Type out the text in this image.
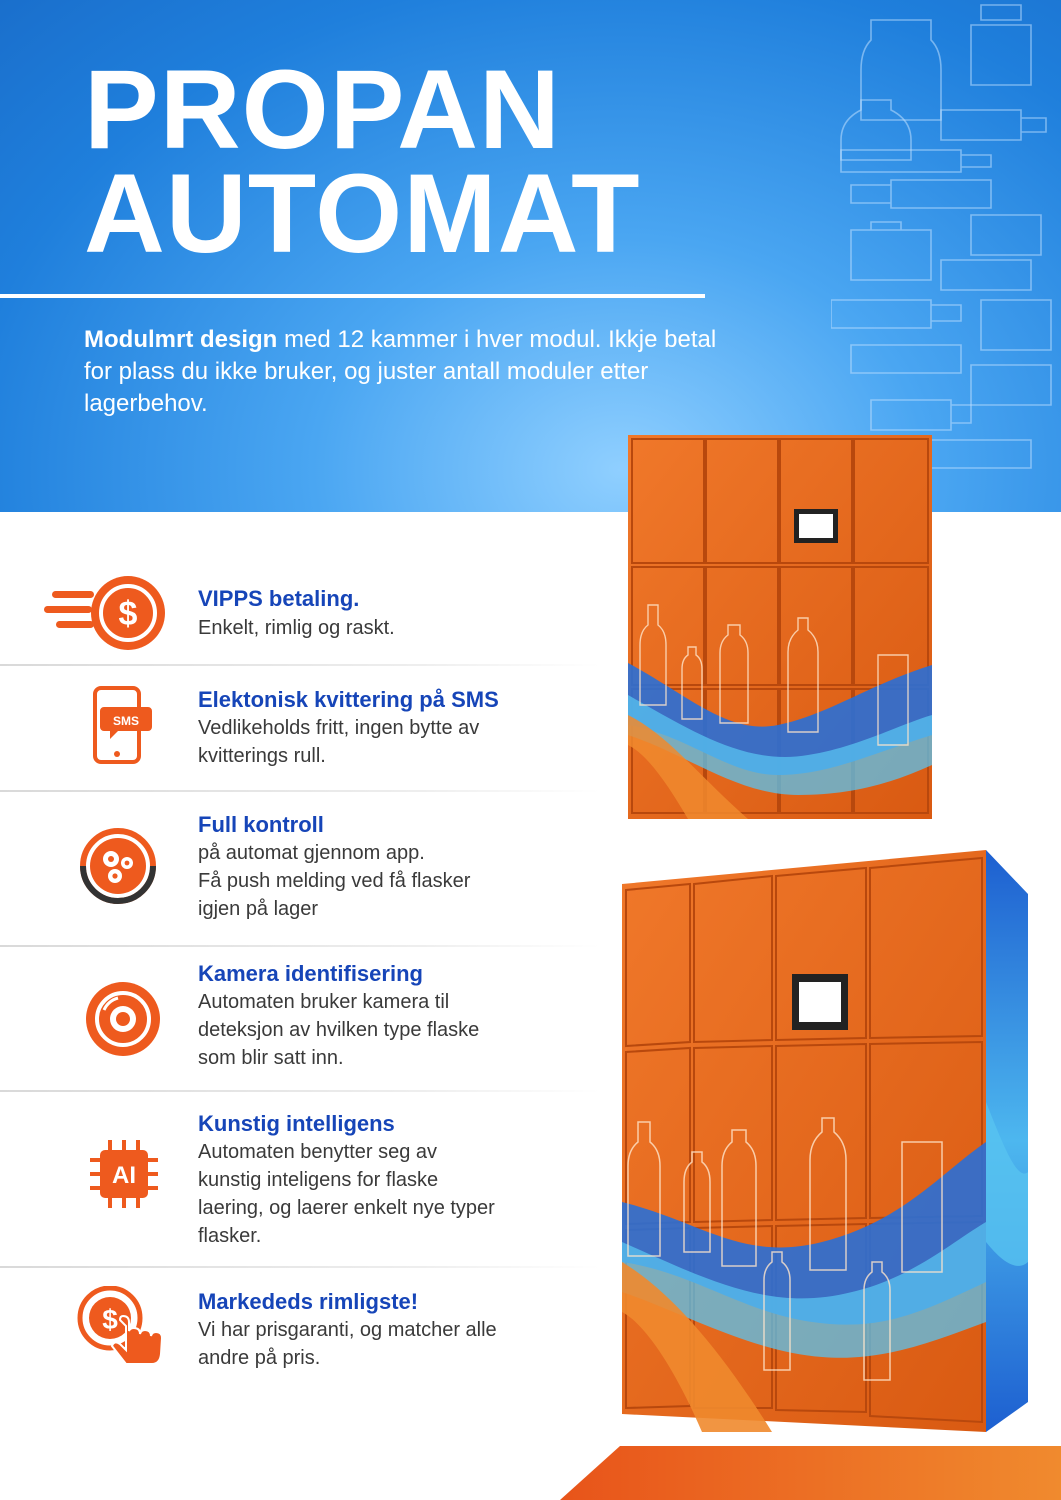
PROPAN
AUTOMAT

Modulmrt design med 12 kammer i hver modul. Ikkje betal for plass du ikke bruker, og juster antall moduler etter lagerbehov.

$	VIPPS betaling.

Enkelt, rimlig og raskt.

SMS

Elektonisk kvittering på SMS

Vedlikeholds fritt, ingen bytte av
kvitterings rull.

Full kontroll

på automat gjennom app.
Få push melding ved få flasker
igjen på lager

Kamera identifisering

Automaten bruker kamera til
deteksjon av hvilken type flaske
som blir satt inn.

AI

Kunstig intelligens

Automaten benytter seg av
kunstig inteligens for flaske
laering, og laerer enkelt nye typer
flasker.

$

Markededs rimligste!

Vi har prisgaranti, og matcher alle
andre på pris.
